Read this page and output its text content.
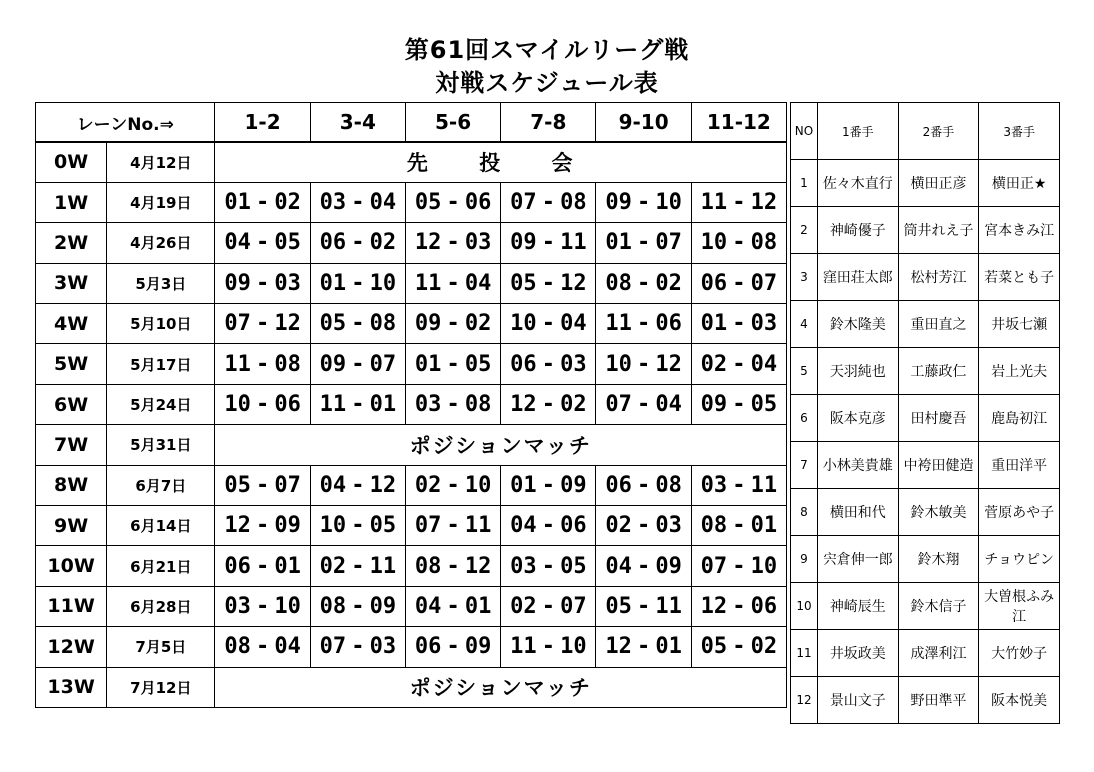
第61回スマイルリーグ戦
対戦スケジュール表
レーンNo.⇒		1-2	3-4	5-6	7-8	9-10	11-12
0W	4月12日	先 投 会					
1W	4月19日	01 - 02	03 - 04	05 - 06	07 - 08	09 - 10	11 - 12
2W	4月26日	04 - 05	06 - 02	12 - 03	09 - 11	01 - 07	10 - 08
3W	5月3日	09 - 03	01 - 10	11 - 04	05 - 12	08 - 02	06 - 07
4W	5月10日	07 - 12	05 - 08	09 - 02	10 - 04	11 - 06	01 - 03
5W	5月17日	11 - 08	09 - 07	01 - 05	06 - 03	10 - 12	02 - 04
6W	5月24日	10 - 06	11 - 01	03 - 08	12 - 02	07 - 04	09 - 05
7W	5月31日	ポジションマッチ					
8W	6月7日	05 - 07	04 - 12	02 - 10	01 - 09	06 - 08	03 - 11
9W	6月14日	12 - 09	10 - 05	07 - 11	04 - 06	02 - 03	08 - 01
10W	6月21日	06 - 01	02 - 11	08 - 12	03 - 05	04 - 09	07 - 10
11W	6月28日	03 - 10	08 - 09	04 - 01	02 - 07	05 - 11	12 - 06
12W	7月5日	08 - 04	07 - 03	06 - 09	11 - 10	12 - 01	05 - 02
13W	7月12日	ポジションマッチ					
NO	1番手	2番手	3番手
1	佐々木直行	横田正彦	横田正★
2	神崎優子	筒井れえ子	宮本きみ江
3	窪田荘太郎	松村芳江	若菜とも子
4	鈴木隆美	重田直之	井坂七瀬
5	天羽純也	工藤政仁	岩上光夫
6	阪本克彦	田村慶吾	鹿島初江
7	小林美貴雄	中袴田健造	重田洋平
8	横田和代	鈴木敏美	菅原あや子
9	宍倉伸一郎	鈴木翔	チョウピン
10	神崎辰生	鈴木信子	大曽根ふみ江
11	井坂政美	成澤利江	大竹妙子
12	景山文子	野田準平	阪本悦美
